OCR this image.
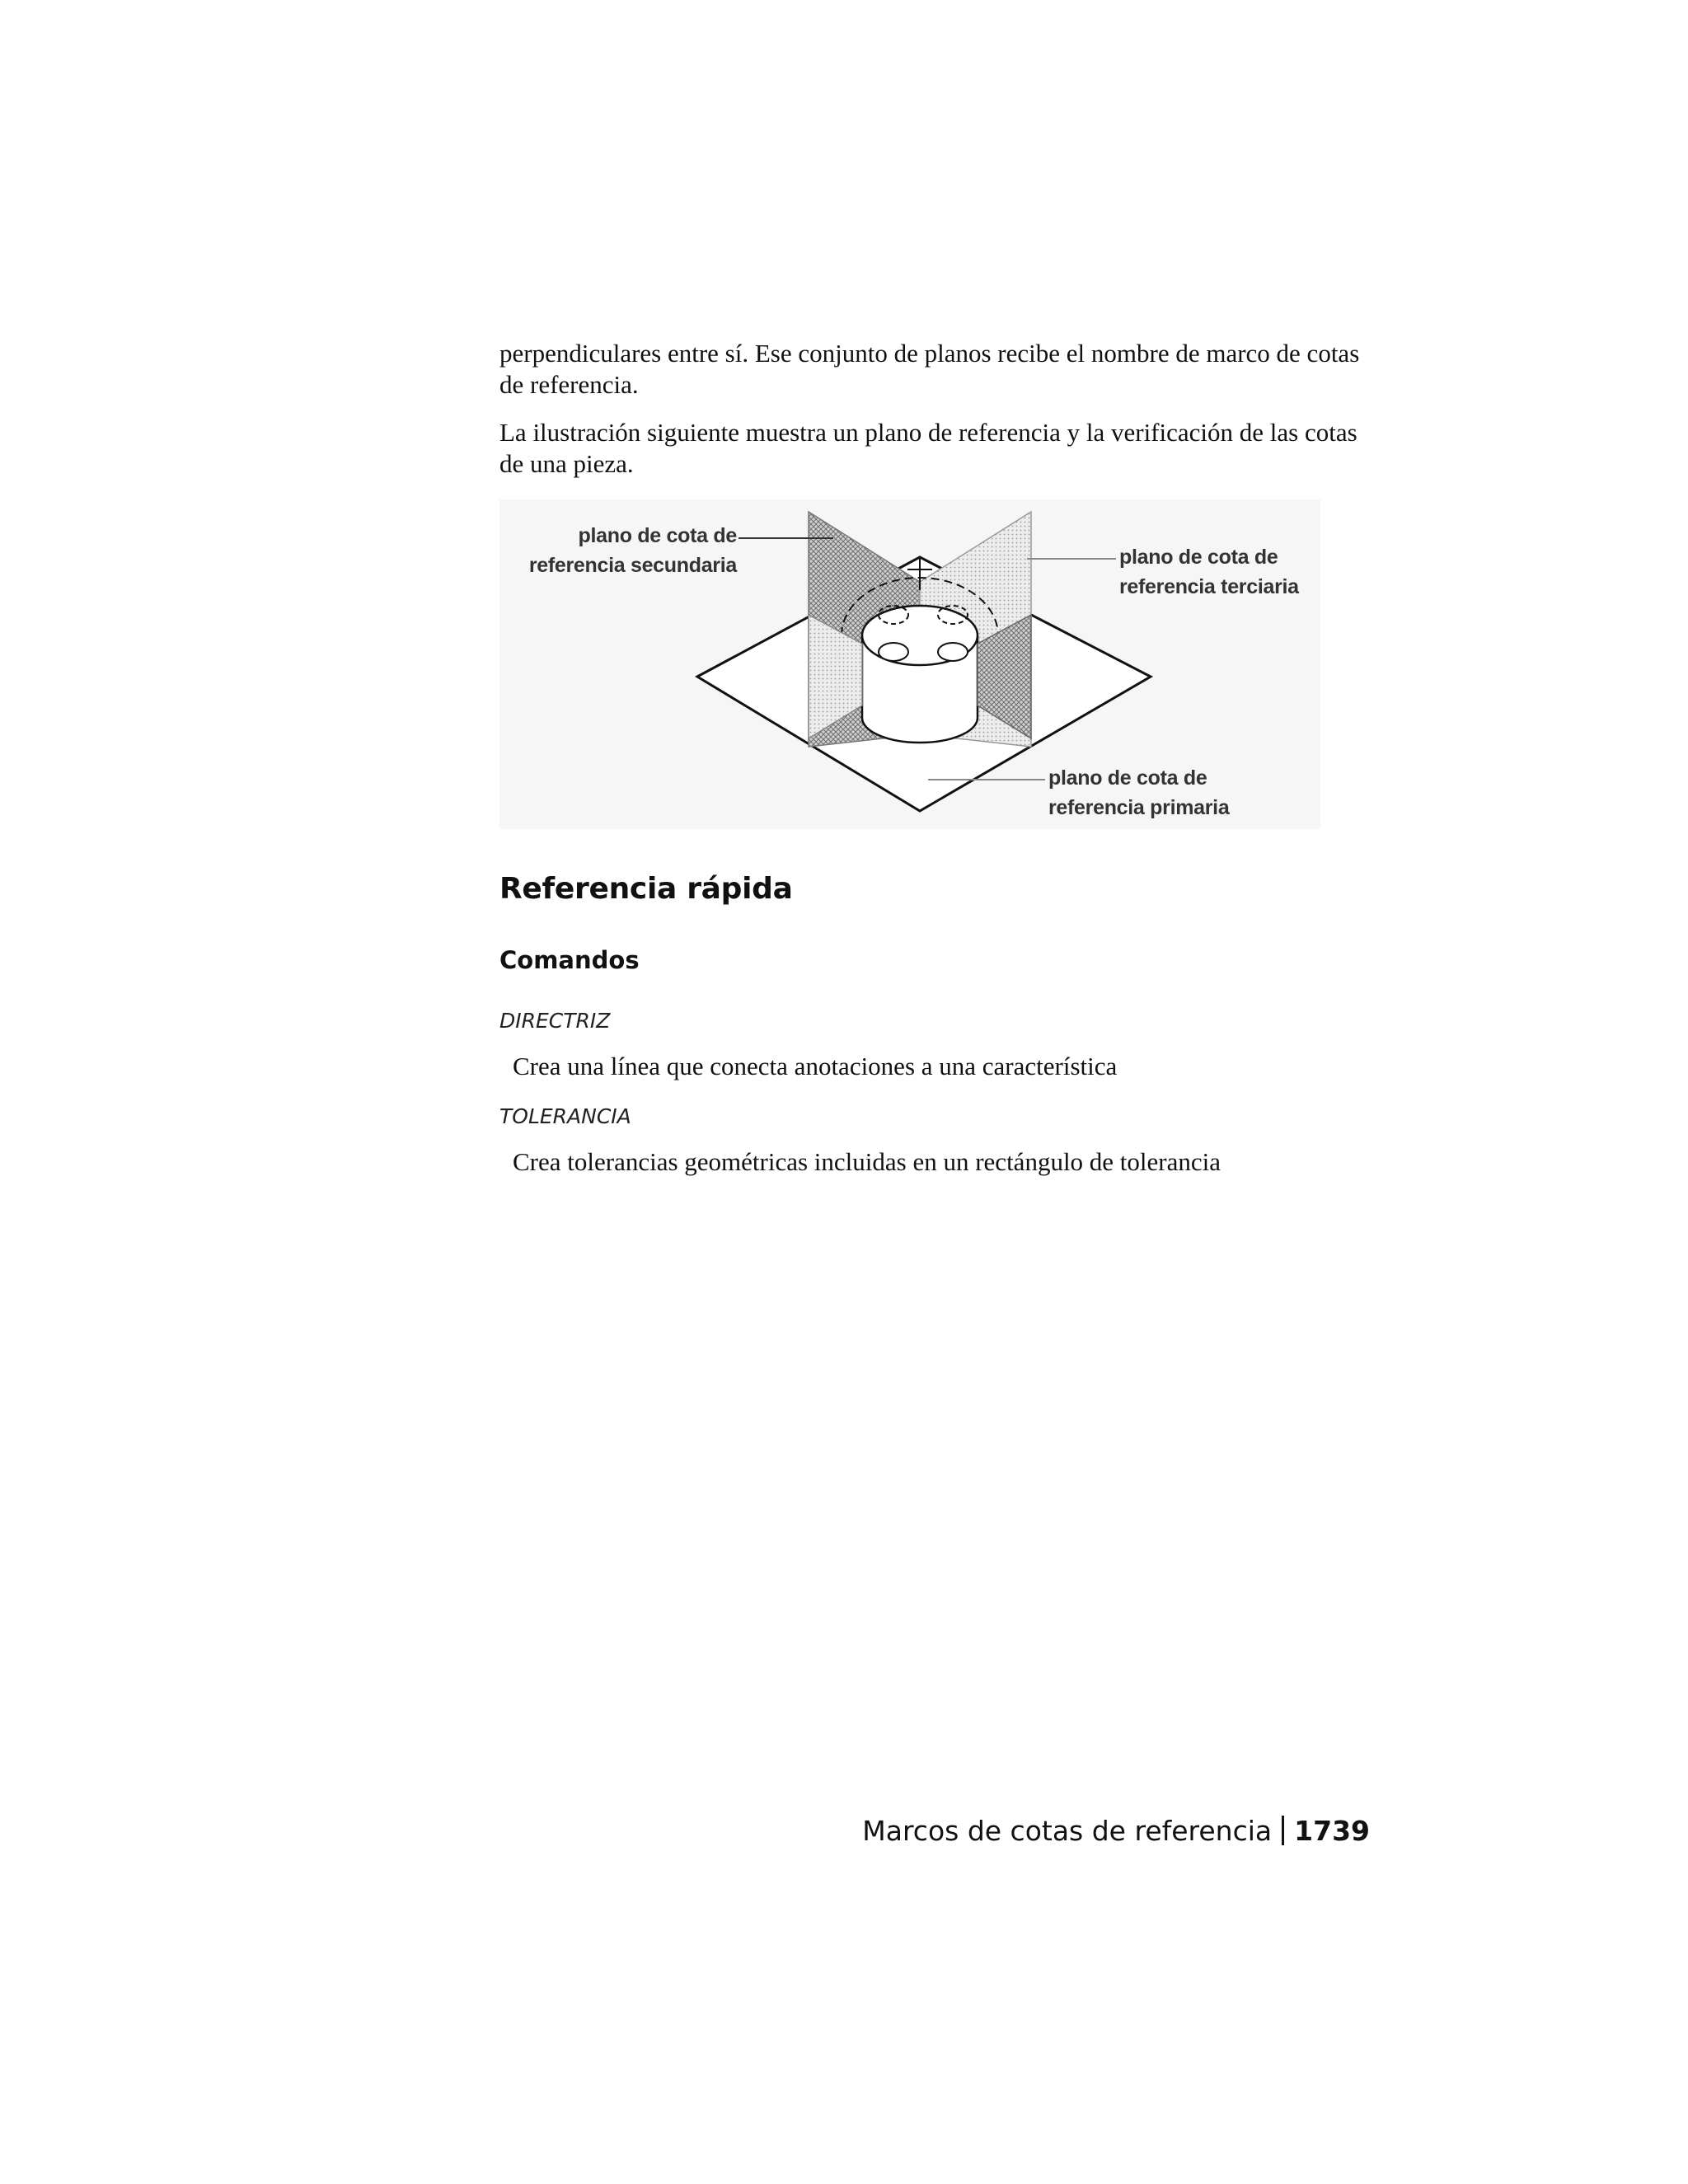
perpendiculares entre sí. Ese conjunto de planos recibe el nombre de marco de cotas de referencia.

La ilustración siguiente muestra un plano de referencia y la verificación de las cotas de una pieza.

plano de cota de
referencia secundaria	plano de cota de
referencia terciaria
plano de cota de
referencia primaria
Referencia rápida
Comandos

DIRECTRIZ

Crea una línea que conecta anotaciones a una característica

TOLERANCIA

Crea tolerancias geométricas incluidas en un rectángulo de tolerancia

Marcos de cotas de referencia 1739
